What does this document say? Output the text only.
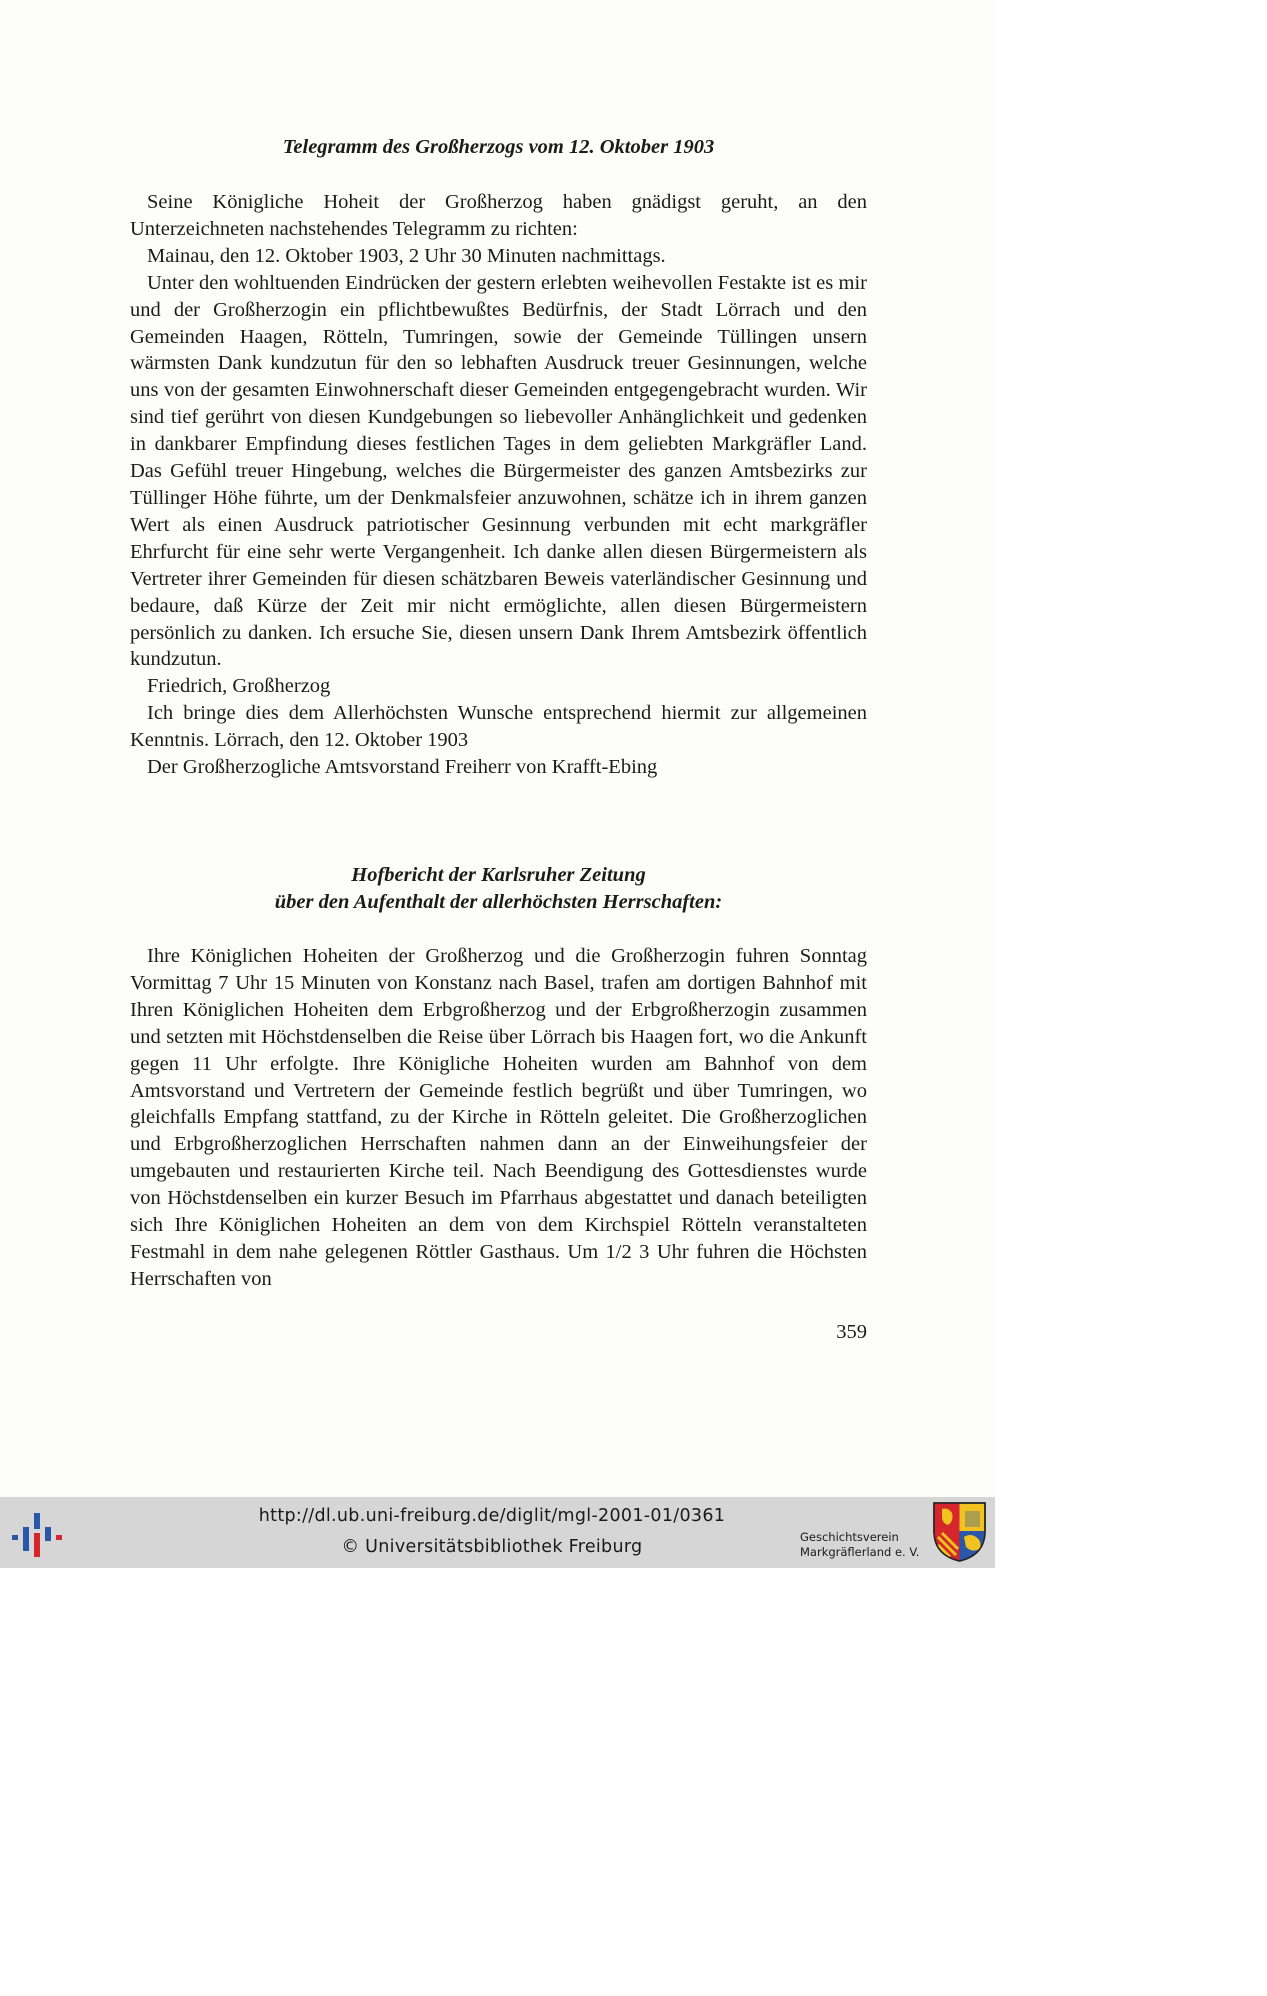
Telegramm des Großherzogs vom 12. Oktober 1903

Seine Königliche Hoheit der Großherzog haben gnädigst geruht, an den Unterzeichneten nachstehendes Telegramm zu richten:

Mainau, den 12. Oktober 1903, 2 Uhr 30 Minuten nachmittags.

Unter den wohltuenden Eindrücken der gestern erlebten weihevollen Festakte ist es mir und der Großherzogin ein pflichtbewußtes Bedürfnis, der Stadt Lörrach und den Gemeinden Haagen, Rötteln, Tumringen, sowie der Gemeinde Tüllingen unsern wärmsten Dank kundzutun für den so lebhaften Ausdruck treuer Gesinnungen, welche uns von der gesamten Einwohnerschaft dieser Gemeinden entgegengebracht wurden. Wir sind tief gerührt von diesen Kundgebungen so liebevoller Anhänglichkeit und gedenken in dankbarer Empfindung dieses festlichen Tages in dem geliebten Markgräfler Land. Das Gefühl treuer Hingebung, welches die Bürgermeister des ganzen Amtsbezirks zur Tüllinger Höhe führte, um der Denkmalsfeier anzuwohnen, schätze ich in ihrem ganzen Wert als einen Ausdruck patriotischer Gesinnung verbunden mit echt markgräfler Ehrfurcht für eine sehr werte Vergangenheit. Ich danke allen diesen Bürgermeistern als Vertreter ihrer Gemeinden für diesen schätzbaren Beweis vaterländischer Gesinnung und bedaure, daß Kürze der Zeit mir nicht ermöglichte, allen diesen Bürgermeistern persönlich zu danken. Ich ersuche Sie, diesen unsern Dank Ihrem Amtsbezirk öffentlich kundzutun.

Friedrich, Großherzog

Ich bringe dies dem Allerhöchsten Wunsche entsprechend hiermit zur allgemeinen Kenntnis. Lörrach, den 12. Oktober 1903

Der Großherzogliche Amtsvorstand Freiherr von Krafft-Ebing

Hofbericht der Karlsruher Zeitung
über den Aufenthalt der allerhöchsten Herrschaften:

Ihre Königlichen Hoheiten der Großherzog und die Großherzogin fuhren Sonntag Vormittag 7 Uhr 15 Minuten von Konstanz nach Basel, trafen am dortigen Bahnhof mit Ihren Königlichen Hoheiten dem Erbgroßherzog und der Erbgroßherzogin zusammen und setzten mit Höchstdenselben die Reise über Lörrach bis Haagen fort, wo die Ankunft gegen 11 Uhr erfolgte. Ihre Königliche Hoheiten wurden am Bahnhof von dem Amtsvorstand und Vertretern der Gemeinde festlich begrüßt und über Tumringen, wo gleichfalls Empfang stattfand, zu der Kirche in Rötteln geleitet. Die Großherzoglichen und Erbgroßherzoglichen Herrschaften nahmen dann an der Einweihungsfeier der umgebauten und restaurierten Kirche teil. Nach Beendigung des Gottesdienstes wurde von Höchstdenselben ein kurzer Besuch im Pfarrhaus abgestattet und danach beteiligten sich Ihre Königlichen Hoheiten an dem von dem Kirchspiel Rötteln veranstalteten Festmahl in dem nahe gelegenen Röttler Gasthaus. Um 1/2 3 Uhr fuhren die Höchsten Herrschaften von

359
http://dl.ub.uni-freiburg.de/diglit/mgl-2001-01/0361
© Universitätsbibliothek Freiburg	Geschichtsverein
Markgräflerland e. V.
